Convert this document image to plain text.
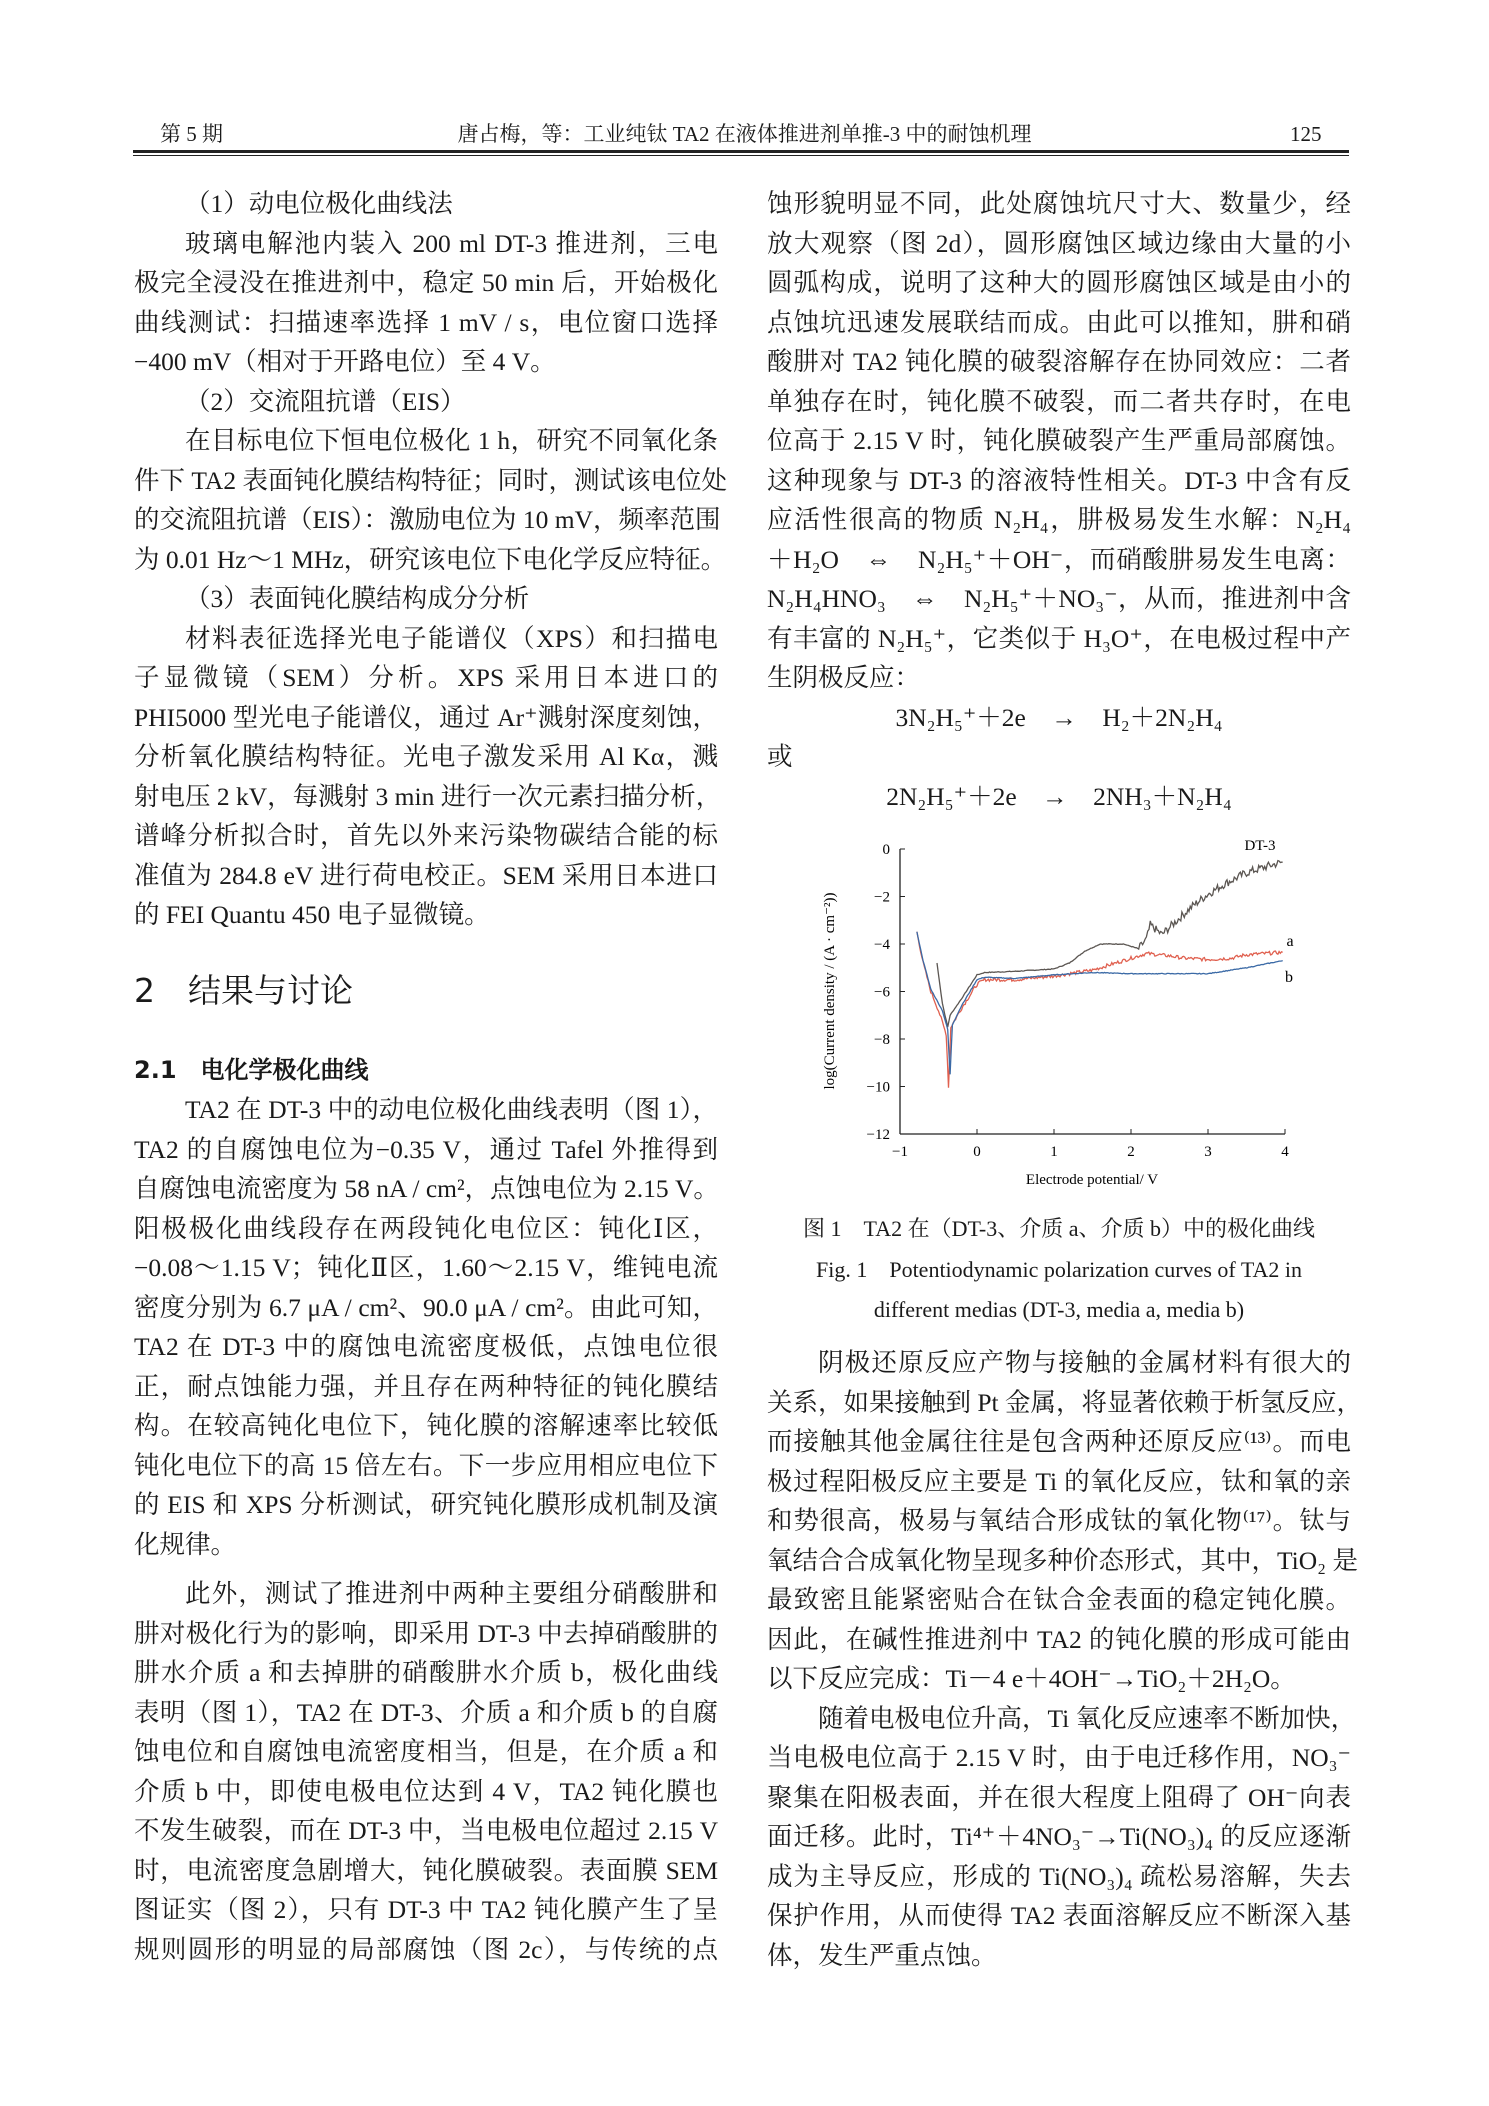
唐占梅，等：工业纯钛 TA2 在液体推进剂单推-3 中的耐蚀机理
第 5 期	125
（1）动电位极化曲线法
玻璃电解池内装入 200 ml DT-3 推进剂，三电
极完全浸没在推进剂中，稳定 50 min 后，开始极化
曲线测试：扫描速率选择 1 mV / s，电位窗口选择
−400 mV（相对于开路电位）至 4 V。
（2）交流阻抗谱（EIS）
在目标电位下恒电位极化 1 h，研究不同氧化条
件下 TA2 表面钝化膜结构特征；同时，测试该电位处
的交流阻抗谱（EIS）：激励电位为 10 mV，频率范围
为 0.01 Hz～1 MHz，研究该电位下电化学反应特征。
（3）表面钝化膜结构成分分析
材料表征选择光电子能谱仪（XPS）和扫描电
子显微镜（SEM）分析。XPS 采用日本进口的
PHI5000 型光电子能谱仪，通过 Ar⁺溅射深度刻蚀，
分析氧化膜结构特征。光电子激发采用 Al Kα，溅
射电压 2 kV，每溅射 3 min 进行一次元素扫描分析，
谱峰分析拟合时，首先以外来污染物碳结合能的标
准值为 284.8 eV 进行荷电校正。SEM 采用日本进口
的 FEI Quantu 450 电子显微镜。
2　结果与讨论
2.1　电化学极化曲线
TA2 在 DT-3 中的动电位极化曲线表明（图 1），
TA2 的自腐蚀电位为−0.35 V，通过 Tafel 外推得到
自腐蚀电流密度为 58 nA / cm²，点蚀电位为 2.15 V。
阳极极化曲线段存在两段钝化电位区：钝化Ⅰ区，
−0.08～1.15 V；钝化Ⅱ区，1.60～2.15 V，维钝电流
密度分别为 6.7 μA / cm²、90.0 μA / cm²。由此可知，
TA2 在 DT-3 中的腐蚀电流密度极低，点蚀电位很
正，耐点蚀能力强，并且存在两种特征的钝化膜结
构。在较高钝化电位下，钝化膜的溶解速率比较低
钝化电位下的高 15 倍左右。下一步应用相应电位下
的 EIS 和 XPS 分析测试，研究钝化膜形成机制及演
化规律。
此外，测试了推进剂中两种主要组分硝酸肼和
肼对极化行为的影响，即采用 DT-3 中去掉硝酸肼的
肼水介质 a 和去掉肼的硝酸肼水介质 b，极化曲线
表明（图 1），TA2 在 DT-3、介质 a 和介质 b 的自腐
蚀电位和自腐蚀电流密度相当，但是，在介质 a 和
介质 b 中，即使电极电位达到 4 V，TA2 钝化膜也
不发生破裂，而在 DT-3 中，当电极电位超过 2.15 V
时，电流密度急剧增大，钝化膜破裂。表面膜 SEM
图证实（图 2），只有 DT-3 中 TA2 钝化膜产生了呈
规则圆形的明显的局部腐蚀（图 2c），与传统的点
蚀形貌明显不同，此处腐蚀坑尺寸大、数量少，经
放大观察（图 2d），圆形腐蚀区域边缘由大量的小
圆弧构成，说明了这种大的圆形腐蚀区域是由小的
点蚀坑迅速发展联结而成。由此可以推知，肼和硝
酸肼对 TA2 钝化膜的破裂溶解存在协同效应：二者
单独存在时，钝化膜不破裂，而二者共存时，在电
位高于 2.15 V 时，钝化膜破裂产生严重局部腐蚀。
这种现象与 DT-3 的溶液特性相关。DT-3 中含有反
应活性很高的物质 N₂H₄，肼极易发生水解：N₂H₄
＋H₂O　⇔　N₂H₅⁺＋OH⁻，而硝酸肼易发生电离：
N₂H₄HNO₃　⇔　N₂H₅⁺＋NO₃⁻，从而，推进剂中含
有丰富的 N₂H₅⁺，它类似于 H₃O⁺，在电极过程中产
生阴极反应：
3N₂H₅⁺＋2e　→　H₂＋2N₂H₄
或
2N₂H₅⁺＋2e　→　2NH₃＋N₂H₄
阴极还原反应产物与接触的金属材料有很大的
关系，如果接触到 Pt 金属，将显著依赖于析氢反应，
而接触其他金属往往是包含两种还原反应⁽¹³⁾。而电
极过程阳极反应主要是 Ti 的氧化反应，钛和氧的亲
和势很高，极易与氧结合形成钛的氧化物⁽¹⁷⁾。钛与
氧结合合成氧化物呈现多种价态形式，其中，TiO₂ 是
最致密且能紧密贴合在钛合金表面的稳定钝化膜。
因此，在碱性推进剂中 TA2 的钝化膜的形成可能由
以下反应完成：Ti－4 e＋4OH⁻→TiO₂＋2H₂O。
随着电极电位升高，Ti 氧化反应速率不断加快，
当电极电位高于 2.15 V 时，由于电迁移作用，NO₃⁻
聚集在阳极表面，并在很大程度上阻碍了 OH⁻向表
面迁移。此时，Ti⁴⁺＋4NO₃⁻→Ti(NO₃)₄ 的反应逐渐
成为主导反应，形成的 Ti(NO₃)₄ 疏松易溶解，失去
保护作用，从而使得 TA2 表面溶解反应不断深入基
体，发生严重点蚀。
−1	0	1	2	3	4
0
−2
−4
−6
−8
−10
−12
log(Current density / (A · cm⁻²))
Electrode potential/ V
DT-3
a
b
图 1　TA2 在（DT-3、介质 a、介质 b）中的极化曲线
Fig. 1　Potentiodynamic polarization curves of TA2 in
different medias (DT-3, media a, media b)
